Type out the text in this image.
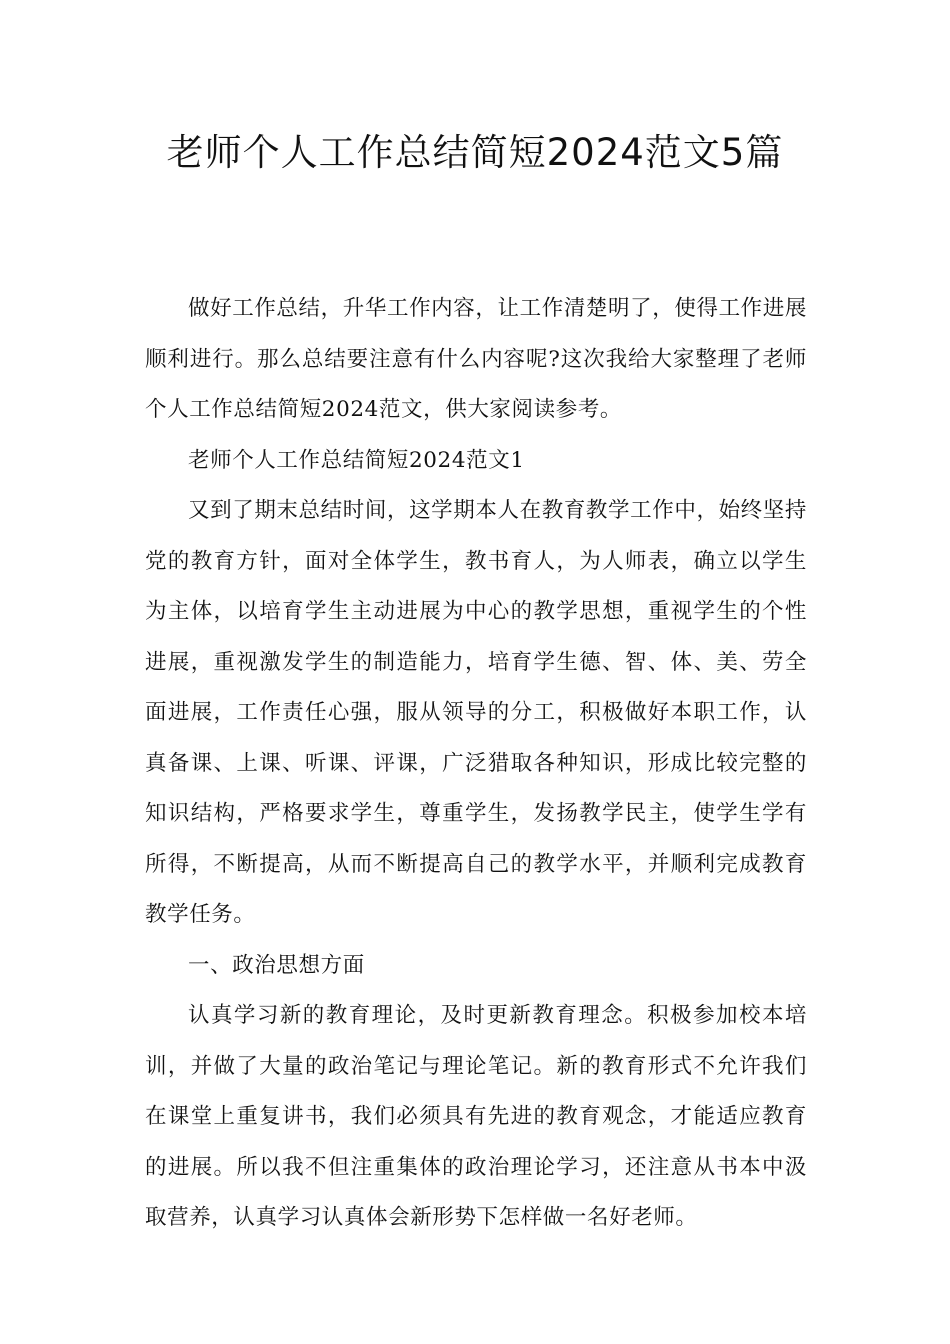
老师个人工作总结简短2024范文5篇

做好工作总结，升华工作内容，让工作清楚明了，使得工作进展顺利进行。那么总结要注意有什么内容呢?这次我给大家整理了老师个人工作总结简短2024范文，供大家阅读参考。

老师个人工作总结简短2024范文1

又到了期末总结时间，这学期本人在教育教学工作中，始终坚持党的教育方针，面对全体学生，教书育人，为人师表，确立以学生为主体，以培育学生主动进展为中心的教学思想，重视学生的个性进展，重视激发学生的制造能力，培育学生德、智、体、美、劳全面进展，工作责任心强，服从领导的分工，积极做好本职工作，认真备课、上课、听课、评课，广泛猎取各种知识，形成比较完整的知识结构，严格要求学生，尊重学生，发扬教学民主，使学生学有所得，不断提高，从而不断提高自己的教学水平，并顺利完成教育教学任务。

一、政治思想方面

认真学习新的教育理论，及时更新教育理念。积极参加校本培训，并做了大量的政治笔记与理论笔记。新的教育形式不允许我们在课堂上重复讲书，我们必须具有先进的教育观念，才能适应教育的进展。所以我不但注重集体的政治理论学习，还注意从书本中汲取营养，认真学习认真体会新形势下怎样做一名好老师。
